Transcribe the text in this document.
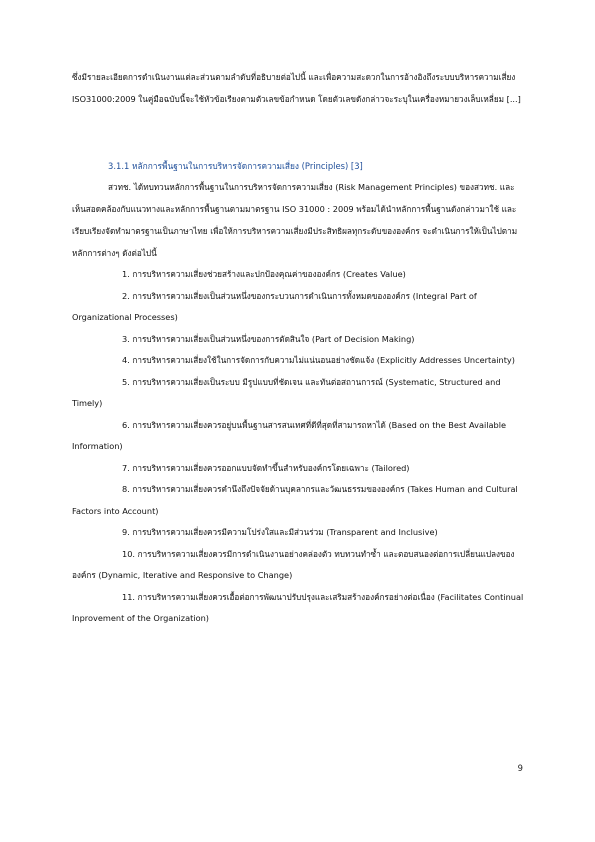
ซึ่งมีรายละเอียดการดำเนินงานแต่ละส่วนตามลำดับที่อธิบายต่อไปนี้ และเพื่อความสะดวกในการอ้างอิงถึงระบบบริหารความเสี่ยง ISO31000:2009 ในคู่มือฉบับนี้จะใช้หัวข้อเรียงตามตัวเลขข้อกำหนด โดยตัวเลขดังกล่าวจะระบุในเครื่องหมายวงเล็บเหลี่ยม [...]

3.1.1 หลักการพื้นฐานในการบริหารจัดการความเสี่ยง (Principles) [3]

สวทช. ได้ทบทวนหลักการพื้นฐานในการบริหารจัดการความเสี่ยง (Risk Management Principles) ของสวทช. และเห็นสอดคล้องกับแนวทางและหลักการพื้นฐานตามมาตรฐาน ISO 31000 : 2009 พร้อมได้นำหลักการพื้นฐานดังกล่าวมาใช้ และเรียบเรียงจัดทำมาตรฐานเป็นภาษาไทย เพื่อให้การบริหารความเสี่ยงมีประสิทธิผลทุกระดับขององค์กร จะดำเนินการให้เป็นไปตามหลักการต่างๆ ดังต่อไปนี้

1. การบริหารความเสี่ยงช่วยสร้างและปกป้องคุณค่าขององค์กร (Creates Value)
2. การบริหารความเสี่ยงเป็นส่วนหนึ่งของกระบวนการดำเนินการทั้งหมดขององค์กร (Integral Part of Organizational Processes)
3. การบริหารความเสี่ยงเป็นส่วนหนึ่งของการตัดสินใจ (Part of Decision Making)
4. การบริหารความเสี่ยงใช้ในการจัดการกับความไม่แน่นอนอย่างชัดแจ้ง (Explicitly Addresses Uncertainty)
5. การบริหารความเสี่ยงเป็นระบบ มีรูปแบบที่ชัดเจน และทันต่อสถานการณ์ (Systematic, Structured and Timely)
6. การบริหารความเสี่ยงควรอยู่บนพื้นฐานสารสนเทศที่ดีที่สุดที่สามารถหาได้ (Based on the Best Available Information)
7. การบริหารความเสี่ยงควรออกแบบจัดทำขึ้นสำหรับองค์กรโดยเฉพาะ (Tailored)
8. การบริหารความเสี่ยงควรคำนึงถึงปัจจัยด้านบุคลากรและวัฒนธรรมขององค์กร (Takes Human and Cultural Factors into Account)
9. การบริหารความเสี่ยงควรมีความโปร่งใสและมีส่วนร่วม (Transparent and Inclusive)
10. การบริหารความเสี่ยงควรมีการดำเนินงานอย่างคล่องตัว ทบทวนทำซ้ำ และตอบสนองต่อการเปลี่ยนแปลงขององค์กร (Dynamic, Iterative and Responsive to Change)
11. การบริหารความเสี่ยงควรเอื้อต่อการพัฒนาปรับปรุงและเสริมสร้างองค์กรอย่างต่อเนื่อง (Facilitates Continual Inprovement of the Organization)
9
